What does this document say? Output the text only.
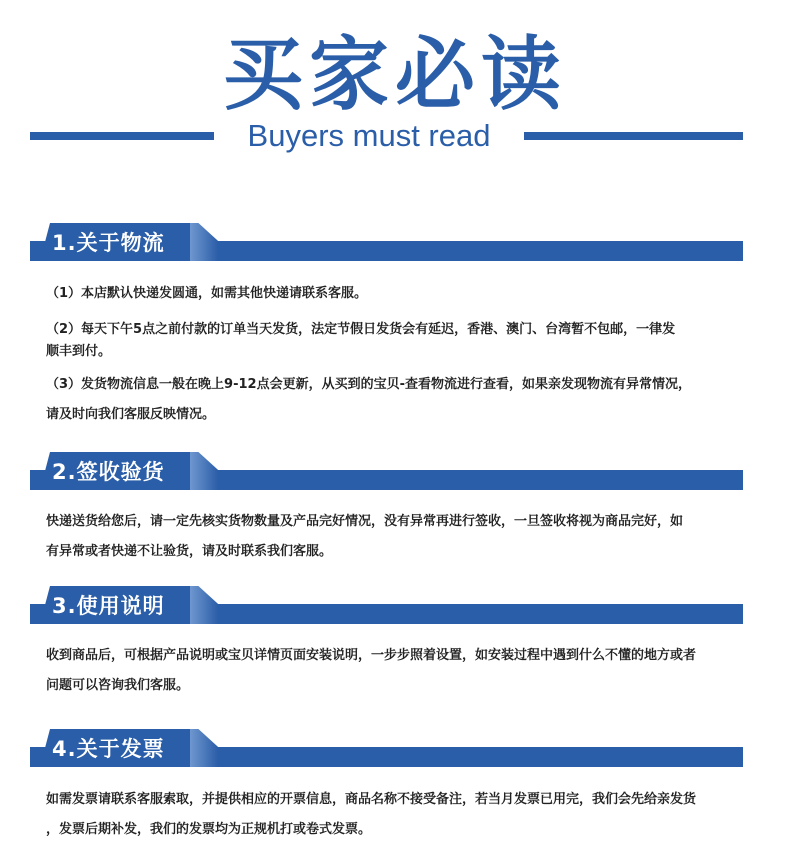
买家必读
Buyers must read
1.关于物流
（1）本店默认快递发圆通，如需其他快递请联系客服。
（2）每天下午5点之前付款的订单当天发货，法定节假日发货会有延迟，香港、澳门、台湾暂不包邮，一律发
顺丰到付。
（3）发货物流信息一般在晚上9-12点会更新，从买到的宝贝-查看物流进行查看，如果亲发现物流有异常情况，
请及时向我们客服反映情况。
2.签收验货
快递送货给您后，请一定先核实货物数量及产品完好情况，没有异常再进行签收，一旦签收将视为商品完好，如
有异常或者快递不让验货，请及时联系我们客服。
3.使用说明
收到商品后，可根据产品说明或宝贝详情页面安装说明，一步步照着设置，如安装过程中遇到什么不懂的地方或者
问题可以咨询我们客服。
4.关于发票
如需发票请联系客服索取，并提供相应的开票信息，商品名称不接受备注，若当月发票已用完，我们会先给亲发货
，发票后期补发，我们的发票均为正规机打或卷式发票。
